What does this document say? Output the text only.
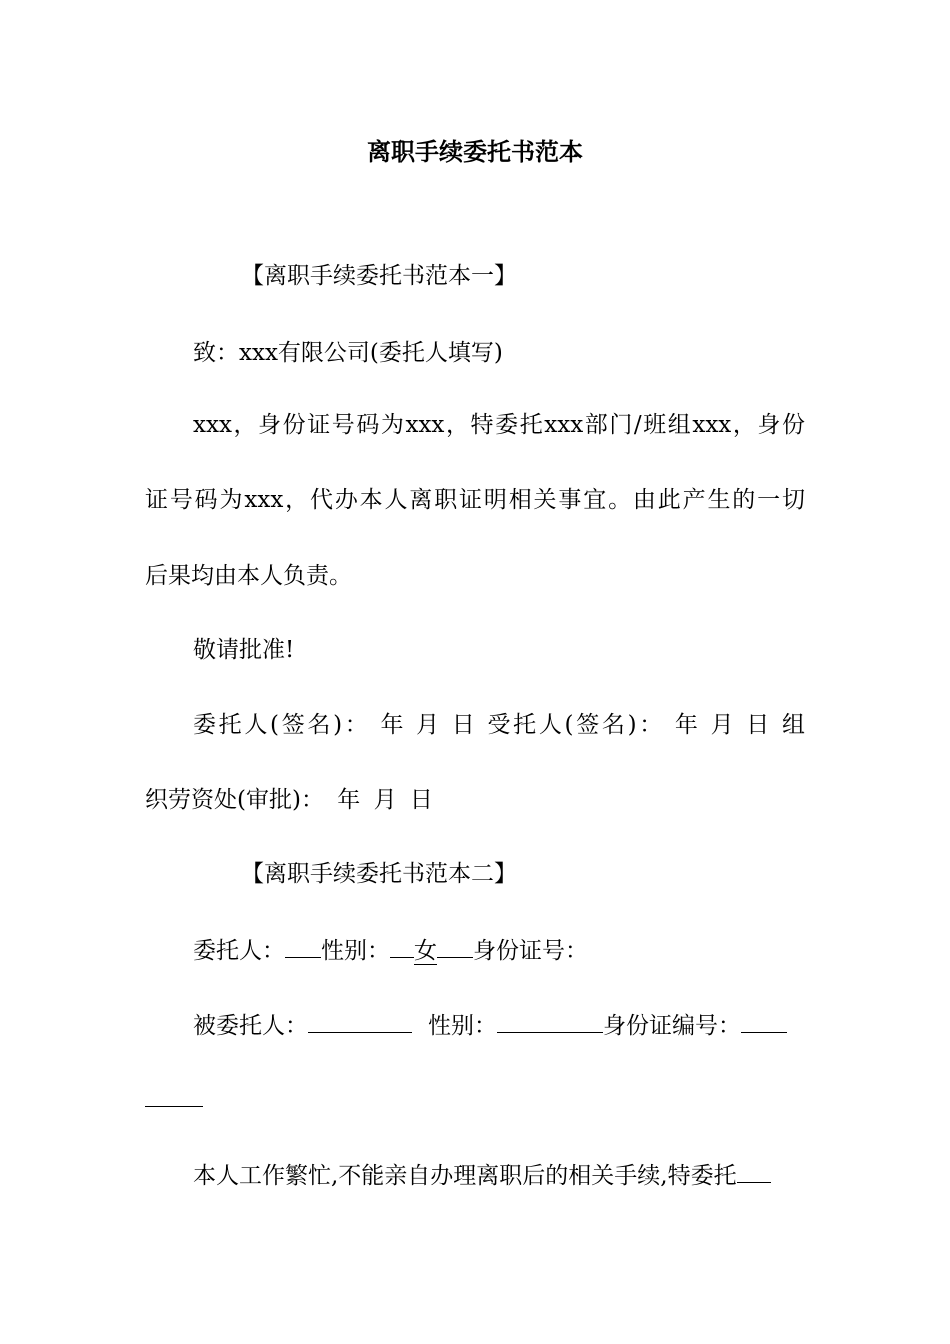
离职手续委托书范本
【离职手续委托书范本一】
致：xxx有限公司(委托人填写)
xxx，身份证号码为xxx，特委托xxx部门/班组xxx，身份
证号码为xxx，代办本人离职证明相关事宜。由此产生的一切
后果均由本人负责。
敬请批准!
委托人(签名)： 年 月 日 受托人(签名)： 年 月 日 组
织劳资处(审批)： 年 月 日
【离职手续委托书范本二】
委托人： 性别： 女 身份证号：
被委托人：	性别：	身份证编号：
本人工作繁忙,不能亲自办理离职后的相关手续,特委托
